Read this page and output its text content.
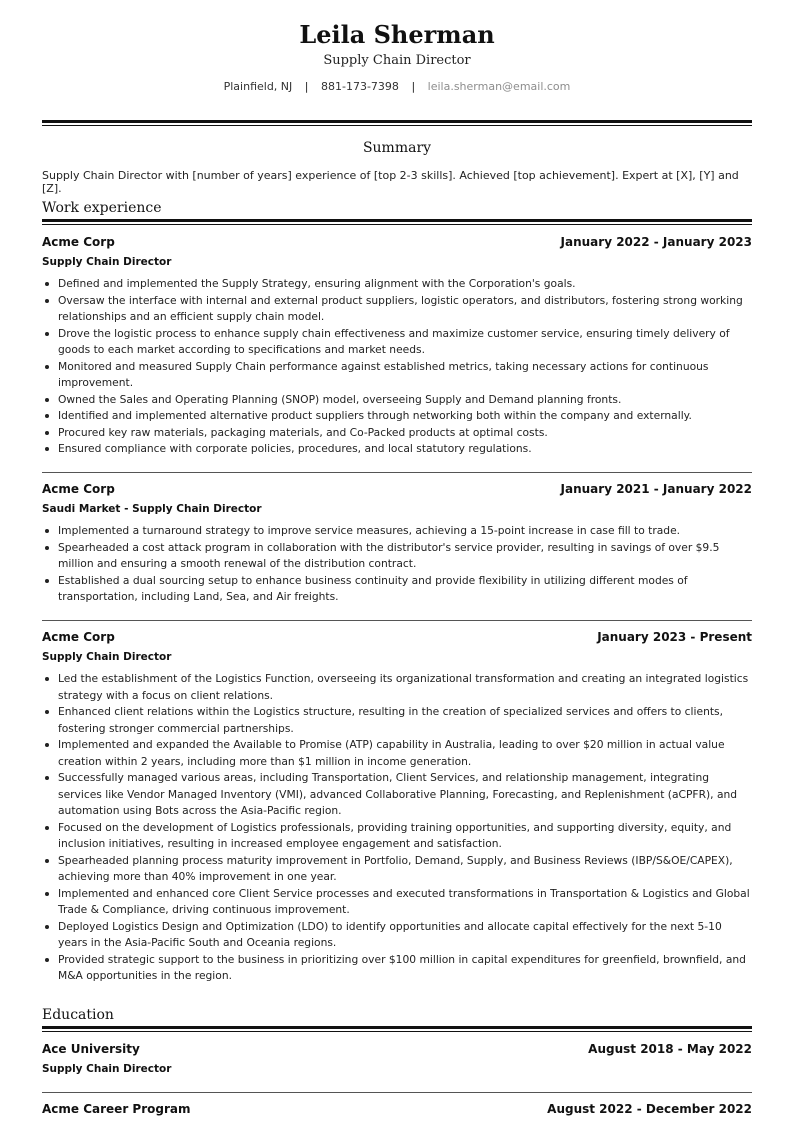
Leila Sherman
Supply Chain Director
Plainfield, NJ | 881-173-7398 | leila.sherman@email.com
Summary
Supply Chain Director with [number of years] experience of [top 2-3 skills]. Achieved [top achievement]. Expert at [X], [Y] and [Z].
Work experience
Acme Corp	January 2022 - January 2023
Supply Chain Director
Defined and implemented the Supply Strategy, ensuring alignment with the Corporation's goals.
Oversaw the interface with internal and external product suppliers, logistic operators, and distributors, fostering strong working relationships and an efficient supply chain model.
Drove the logistic process to enhance supply chain effectiveness and maximize customer service, ensuring timely delivery of goods to each market according to specifications and market needs.
Monitored and measured Supply Chain performance against established metrics, taking necessary actions for continuous improvement.
Owned the Sales and Operating Planning (SNOP) model, overseeing Supply and Demand planning fronts.
Identified and implemented alternative product suppliers through networking both within the company and externally.
Procured key raw materials, packaging materials, and Co-Packed products at optimal costs.
Ensured compliance with corporate policies, procedures, and local statutory regulations.
Acme Corp	January 2021 - January 2022
Saudi Market - Supply Chain Director
Implemented a turnaround strategy to improve service measures, achieving a 15-point increase in case fill to trade.
Spearheaded a cost attack program in collaboration with the distributor's service provider, resulting in savings of over $9.5 million and ensuring a smooth renewal of the distribution contract.
Established a dual sourcing setup to enhance business continuity and provide flexibility in utilizing different modes of transportation, including Land, Sea, and Air freights.
Acme Corp	January 2023 - Present
Supply Chain Director
Led the establishment of the Logistics Function, overseeing its organizational transformation and creating an integrated logistics strategy with a focus on client relations.
Enhanced client relations within the Logistics structure, resulting in the creation of specialized services and offers to clients, fostering stronger commercial partnerships.
Implemented and expanded the Available to Promise (ATP) capability in Australia, leading to over $20 million in actual value creation within 2 years, including more than $1 million in income generation.
Successfully managed various areas, including Transportation, Client Services, and relationship management, integrating services like Vendor Managed Inventory (VMI), advanced Collaborative Planning, Forecasting, and Replenishment (aCPFR), and automation using Bots across the Asia-Pacific region.
Focused on the development of Logistics professionals, providing training opportunities, and supporting diversity, equity, and inclusion initiatives, resulting in increased employee engagement and satisfaction.
Spearheaded planning process maturity improvement in Portfolio, Demand, Supply, and Business Reviews (IBP/S&OE/CAPEX), achieving more than 40% improvement in one year.
Implemented and enhanced core Client Service processes and executed transformations in Transportation & Logistics and Global Trade & Compliance, driving continuous improvement.
Deployed Logistics Design and Optimization (LDO) to identify opportunities and allocate capital effectively for the next 5-10 years in the Asia-Pacific South and Oceania regions.
Provided strategic support to the business in prioritizing over $100 million in capital expenditures for greenfield, brownfield, and M&A opportunities in the region.
Education
Ace University	August 2018 - May 2022
Supply Chain Director
Acme Career Program	August 2022 - December 2022
